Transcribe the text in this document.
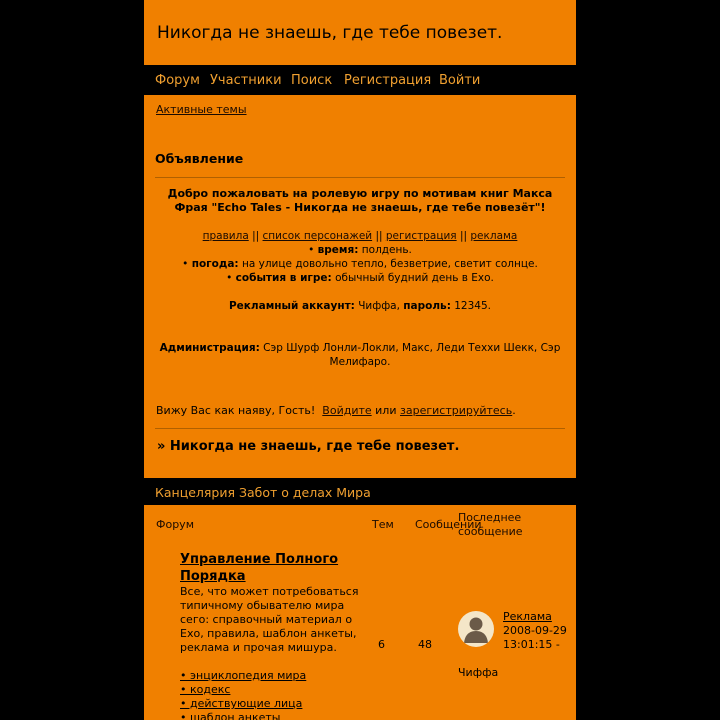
Никогда не знаешь, где тебе повезет.
Форум Участники Поиск Регистрация Войти
Активные темы
Объявление
Добро пожаловать на ролевую игру по мотивам книг Макса Фрая "Echo Tales - Никогда не знаешь, где тебе повезёт"!
правила || список персонажей || регистрация || реклама
• время: полдень.
• погода: на улице довольно тепло, безветрие, светит солнце.
• события в игре: обычный будний день в Ехо.
Рекламный аккаунт: Чиффа, пароль: 12345.
Администрация: Сэр Шурф Лонли-Локли, Макс, Леди Теххи Шекк, Сэр Мелифаро.
Вижу Вас как наяву, Гость! Войдите или зарегистрируйтесь.
» Никогда не знаешь, где тебе повезет.
Канцелярия Забот о делах Мира
Форум	Тем Сообщений
Последнее сообщение
Управление Полного Порядка
Все, что может потребоваться типичному обывателю мира сего: справочный материал о Ехо, правила, шаблон анкеты, реклама и прочая мишура.
• энциклопедия мира
• кодекс
• действующие лица
• шаблон анкеты
6	48
Реклама
2008-09-29 13:01:15 -
Чиффа
